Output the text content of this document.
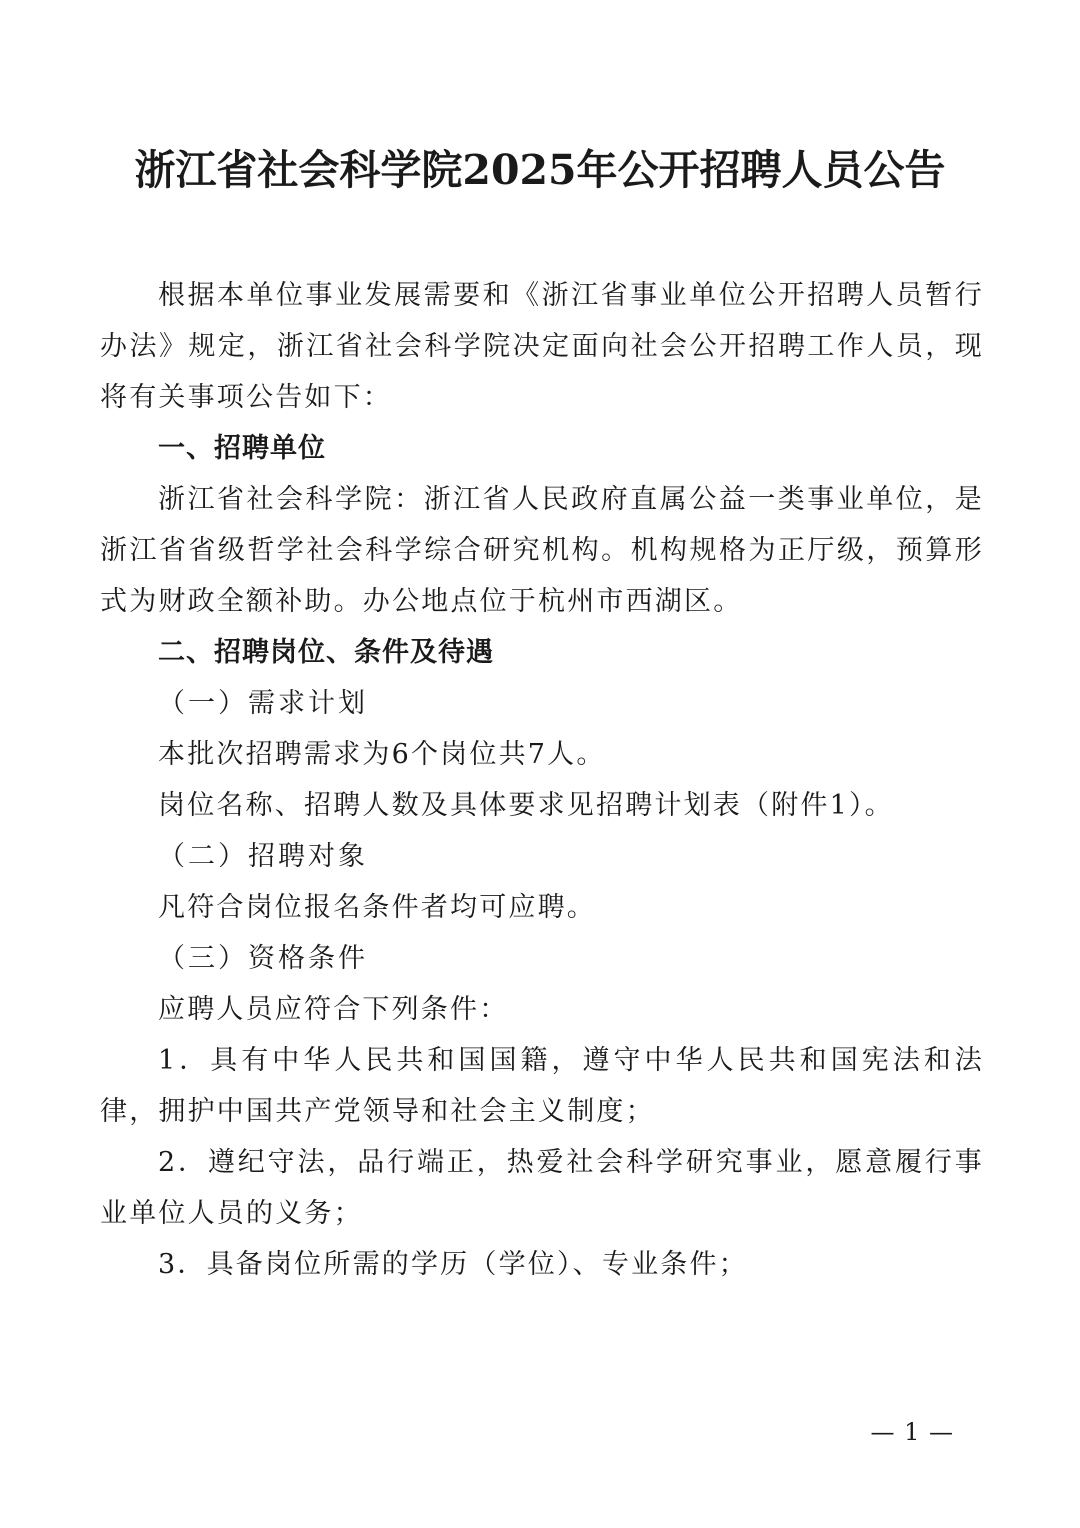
浙江省社会科学院2025年公开招聘人员公告

根据本单位事业发展需要和《浙江省事业单位公开招聘人员暂行办法》规定，浙江省社会科学院决定面向社会公开招聘工作人员，现将有关事项公告如下：

一、招聘单位

浙江省社会科学院：浙江省人民政府直属公益一类事业单位，是浙江省省级哲学社会科学综合研究机构。机构规格为正厅级，预算形式为财政全额补助。办公地点位于杭州市西湖区。

二、招聘岗位、条件及待遇

（一）需求计划

本批次招聘需求为6个岗位共7人。

岗位名称、招聘人数及具体要求见招聘计划表（附件1）。

（二）招聘对象

凡符合岗位报名条件者均可应聘。

（三）资格条件

应聘人员应符合下列条件：

1．具有中华人民共和国国籍，遵守中华人民共和国宪法和法律，拥护中国共产党领导和社会主义制度；

2．遵纪守法，品行端正，热爱社会科学研究事业，愿意履行事业单位人员的义务；

3．具备岗位所需的学历（学位）、专业条件；

— 1 —
